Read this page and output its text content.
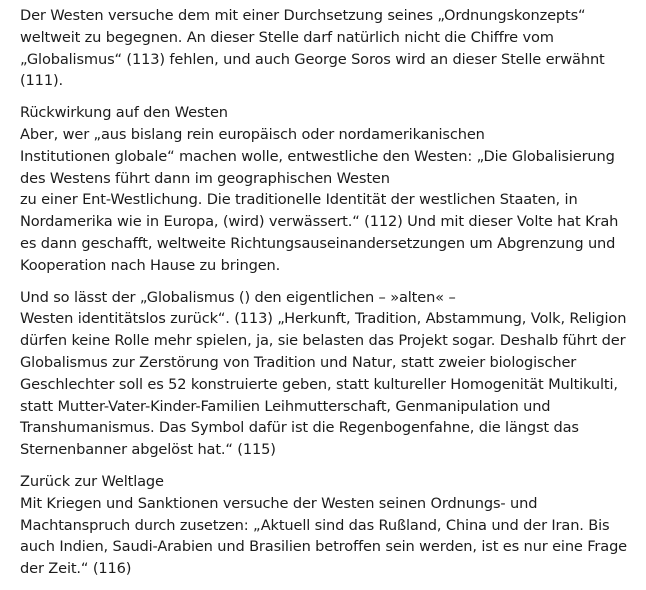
Der Westen versuche dem mit einer Durchsetzung seines „Ordnungskonzepts“
weltweit zu begegnen. An dieser Stelle darf natürlich nicht die Chiffre vom
„Globalismus“ (113) fehlen, und auch George Soros wird an dieser Stelle erwähnt
(111).
Rückwirkung auf den Westen
Aber, wer „aus bislang rein europäisch oder nordamerikanischen
Institutionen globale“ machen wolle, entwestliche den Westen: „Die Globalisierung
des Westens führt dann im geographischen Westen
zu einer Ent-Westlichung. Die traditionelle Identität der westlichen Staaten, in
Nordamerika wie in Europa, (wird) verwässert.“ (112) Und mit dieser Volte hat Krah
es dann geschafft, weltweite Richtungsauseinandersetzungen um Abgrenzung und
Kooperation nach Hause zu bringen.
Und so lässt der „Globalismus () den eigentlichen – »alten« –
Westen identitätslos zurück“. (113) „Herkunft, Tradition, Abstammung, Volk, Religion
dürfen keine Rolle mehr spielen, ja, sie belasten das Projekt sogar. Deshalb führt der
Globalismus zur Zerstörung von Tradition und Natur, statt zweier biologischer
Geschlechter soll es 52 konstruierte geben, statt kultureller Homogenität Multikulti,
statt Mutter-Vater-Kinder-Familien Leihmutterschaft, Genmanipulation und
Transhumanismus. Das Symbol dafür ist die Regenbogenfahne, die längst das
Sternenbanner abgelöst hat.“ (115)
Zurück zur Weltlage
Mit Kriegen und Sanktionen versuche der Westen seinen Ordnungs- und
Machtanspruch durch zusetzen: „Aktuell sind das Rußland, China und der Iran. Bis
auch Indien, Saudi-Arabien und Brasilien betroffen sein werden, ist es nur eine Frage
der Zeit.“ (116)
